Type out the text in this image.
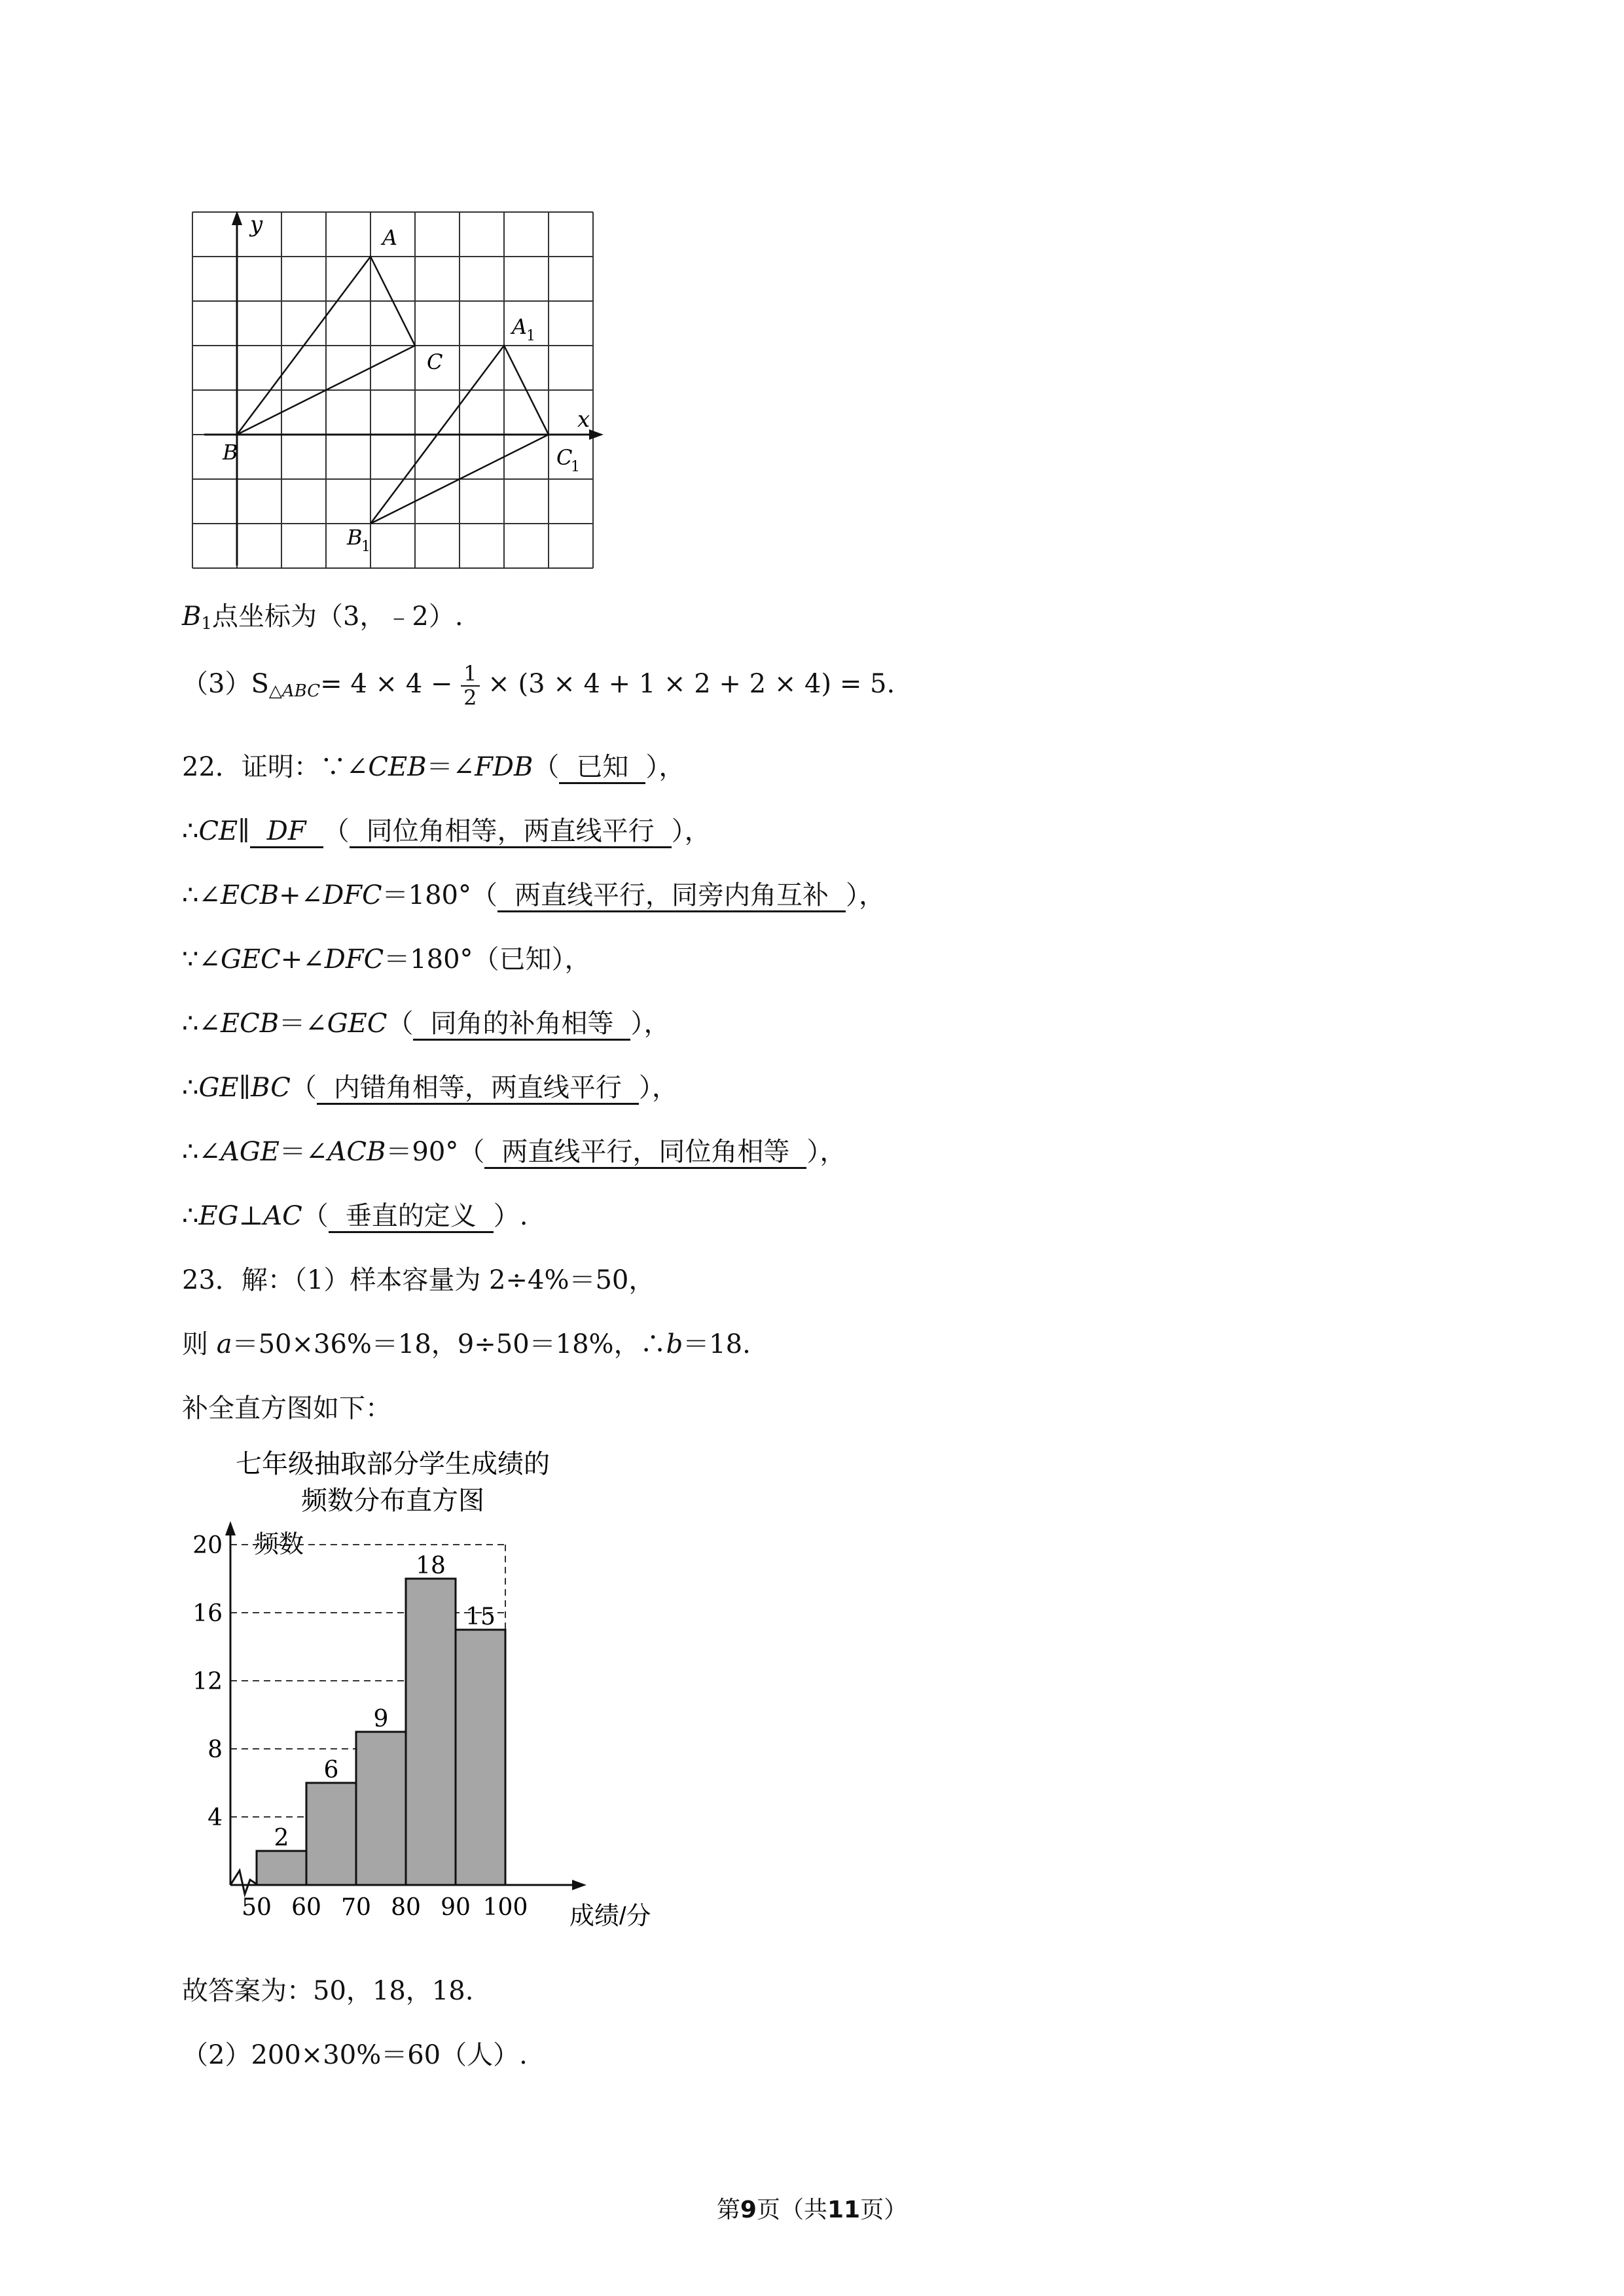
y
x
A
B
C
A
1
C
1
B
1
$B_1$点坐标为（3，﹣2）.
$(3)S_{\triangle ABC}= 4 \times 4 - \frac{1}{2} \times (3 \times 4 + 1 \times 2 + 2 \times 4) = 5$.
22．证明：∵∠CEB＝∠FDB（ 已知 ），
∴CE∥ DF （ 同位角相等，两直线平行 ），
∴∠ECB+∠DFC＝180°（ 两直线平行，同旁内角互补 ），
∵∠GEC+∠DFC＝180°（已知），
∴∠ECB＝∠GEC（ 同角的补角相等 ），
∴GE∥BC（ 内错角相等，两直线平行 ），
∴∠AGE＝∠ACB＝90°（ 两直线平行，同位角相等 ），
∴EG⊥AC（ 垂直的定义 ）.
23．解：（1）样本容量为 2÷4%＝50，
则 a＝50×36%＝18，9÷50＝18%，∴b＝18.
补全直方图如下：
七年级抽取部分学生成绩的
频数分布直方图
频数
成绩/分
2
6
9
18
15
4
8
12
16
20
50 60 70 80 90 100
故答案为：50，18，18.
（2）200×30%＝60（人）.
第9页（共11页）
